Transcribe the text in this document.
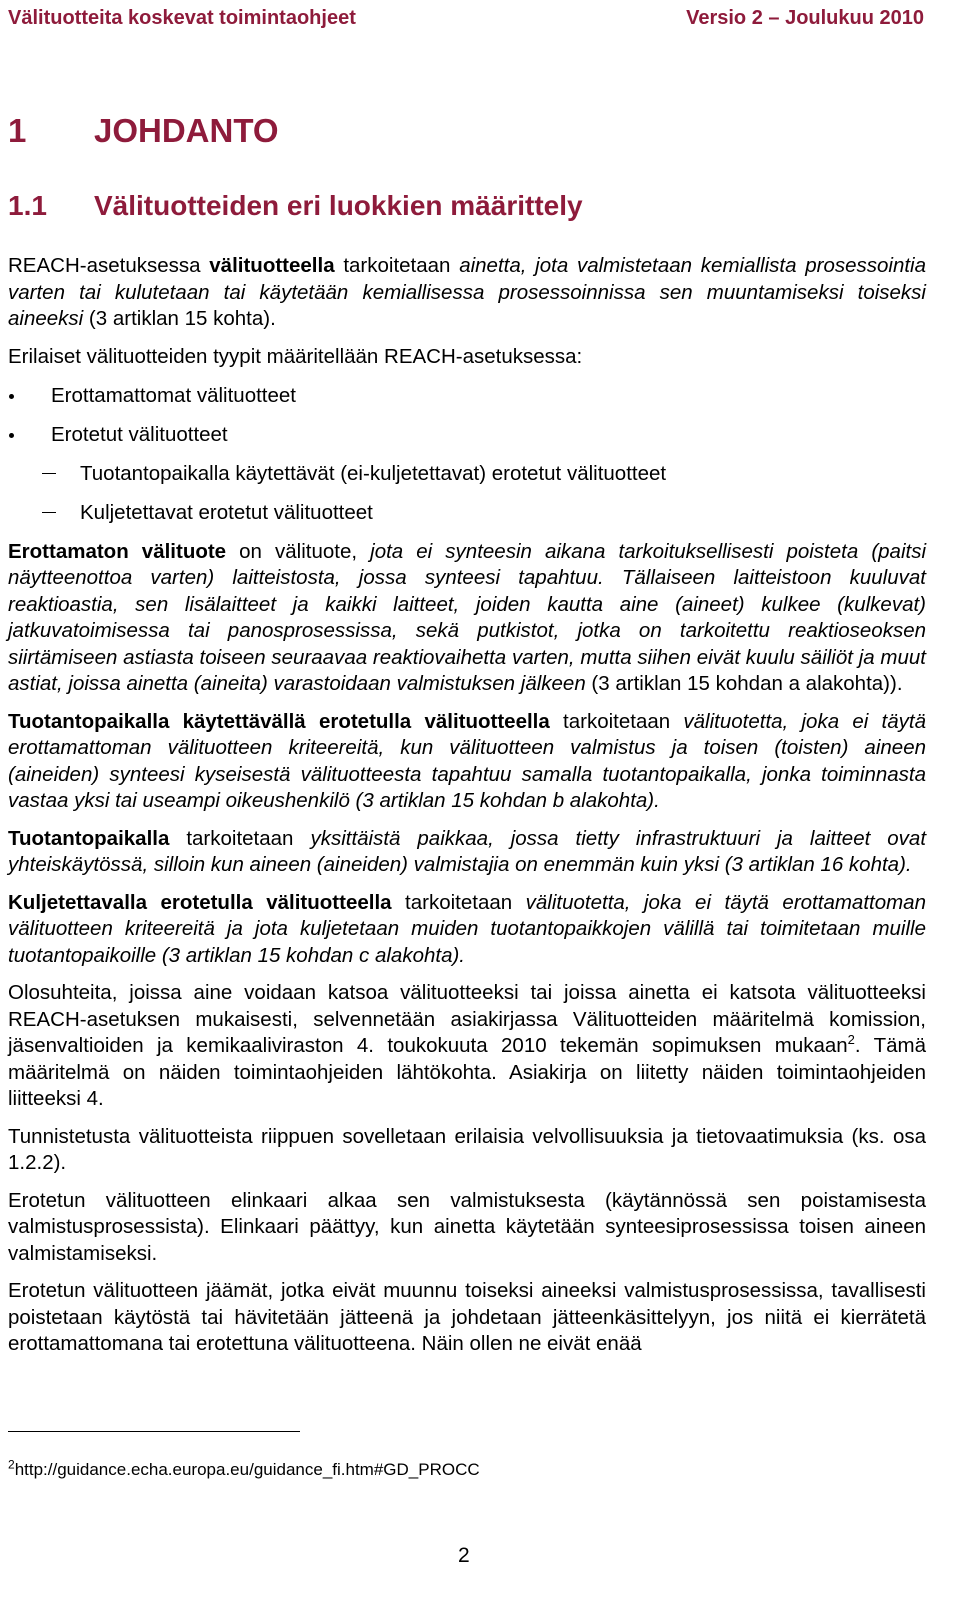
Välituotteita koskevat toimintaohjeet	Versio 2 – Joulukuu 2010
1 JOHDANTO
1.1 Välituotteiden eri luokkien määrittely

REACH-asetuksessa välituotteella tarkoitetaan ainetta, jota valmistetaan kemiallista prosessointia varten tai kulutetaan tai käytetään kemiallisessa prosessoinnissa sen muuntamiseksi toiseksi aineeksi (3 artiklan 15 kohta).

Erilaiset välituotteiden tyypit määritellään REACH-asetuksessa:

Erottamattomat välituotteet
Erotetut välituotteet
Tuotantopaikalla käytettävät (ei-kuljetettavat) erotetut välituotteet
Kuljetettavat erotetut välituotteet

Erottamaton välituote on välituote, jota ei synteesin aikana tarkoituksellisesti poisteta (paitsi näytteenottoa varten) laitteistosta, jossa synteesi tapahtuu. Tällaiseen laitteistoon kuuluvat reaktioastia, sen lisälaitteet ja kaikki laitteet, joiden kautta aine (aineet) kulkee (kulkevat) jatkuvatoimisessa tai panosprosessissa, sekä putkistot, jotka on tarkoitettu reaktioseoksen siirtämiseen astiasta toiseen seuraavaa reaktiovaihetta varten, mutta siihen eivät kuulu säiliöt ja muut astiat, joissa ainetta (aineita) varastoidaan valmistuksen jälkeen (3 artiklan 15 kohdan a alakohta)).

Tuotantopaikalla käytettävällä erotetulla välituotteella tarkoitetaan välituotetta, joka ei täytä erottamattoman välituotteen kriteereitä, kun välituotteen valmistus ja toisen (toisten) aineen (aineiden) synteesi kyseisestä välituotteesta tapahtuu samalla tuotantopaikalla, jonka toiminnasta vastaa yksi tai useampi oikeushenkilö (3 artiklan 15 kohdan b alakohta).

Tuotantopaikalla tarkoitetaan yksittäistä paikkaa, jossa tietty infrastruktuuri ja laitteet ovat yhteiskäytössä, silloin kun aineen (aineiden) valmistajia on enemmän kuin yksi (3 artiklan 16 kohta).

Kuljetettavalla erotetulla välituotteella tarkoitetaan välituotetta, joka ei täytä erottamattoman välituotteen kriteereitä ja jota kuljetetaan muiden tuotantopaikkojen välillä tai toimitetaan muille tuotantopaikoille (3 artiklan 15 kohdan c alakohta).

Olosuhteita, joissa aine voidaan katsoa välituotteeksi tai joissa ainetta ei katsota välituotteeksi REACH-asetuksen mukaisesti, selvennetään asiakirjassa Välituotteiden määritelmä komission, jäsenvaltioiden ja kemikaaliviraston 4. toukokuuta 2010 tekemän sopimuksen mukaan$^2$. Tämä määritelmä on näiden toimintaohjeiden lähtökohta. Asiakirja on liitetty näiden toimintaohjeiden liitteeksi 4.

Tunnistetusta välituotteista riippuen sovelletaan erilaisia velvollisuuksia ja tietovaatimuksia (ks. osa 1.2.2).

Erotetun välituotteen elinkaari alkaa sen valmistuksesta (käytännössä sen poistamisesta valmistusprosessista). Elinkaari päättyy, kun ainetta käytetään synteesiprosessissa toisen aineen valmistamiseksi.

Erotetun välituotteen jäämät, jotka eivät muunnu toiseksi aineeksi valmistusprosessissa, tavallisesti poistetaan käytöstä tai hävitetään jätteenä ja johdetaan jätteenkäsittelyyn, jos niitä ei kierrätetä erottamattomana tai erotettuna välituotteena. Näin ollen ne eivät enää

$^2$http://guidance.echa.europa.eu/guidance_fi.htm#GD_PROCC
2
